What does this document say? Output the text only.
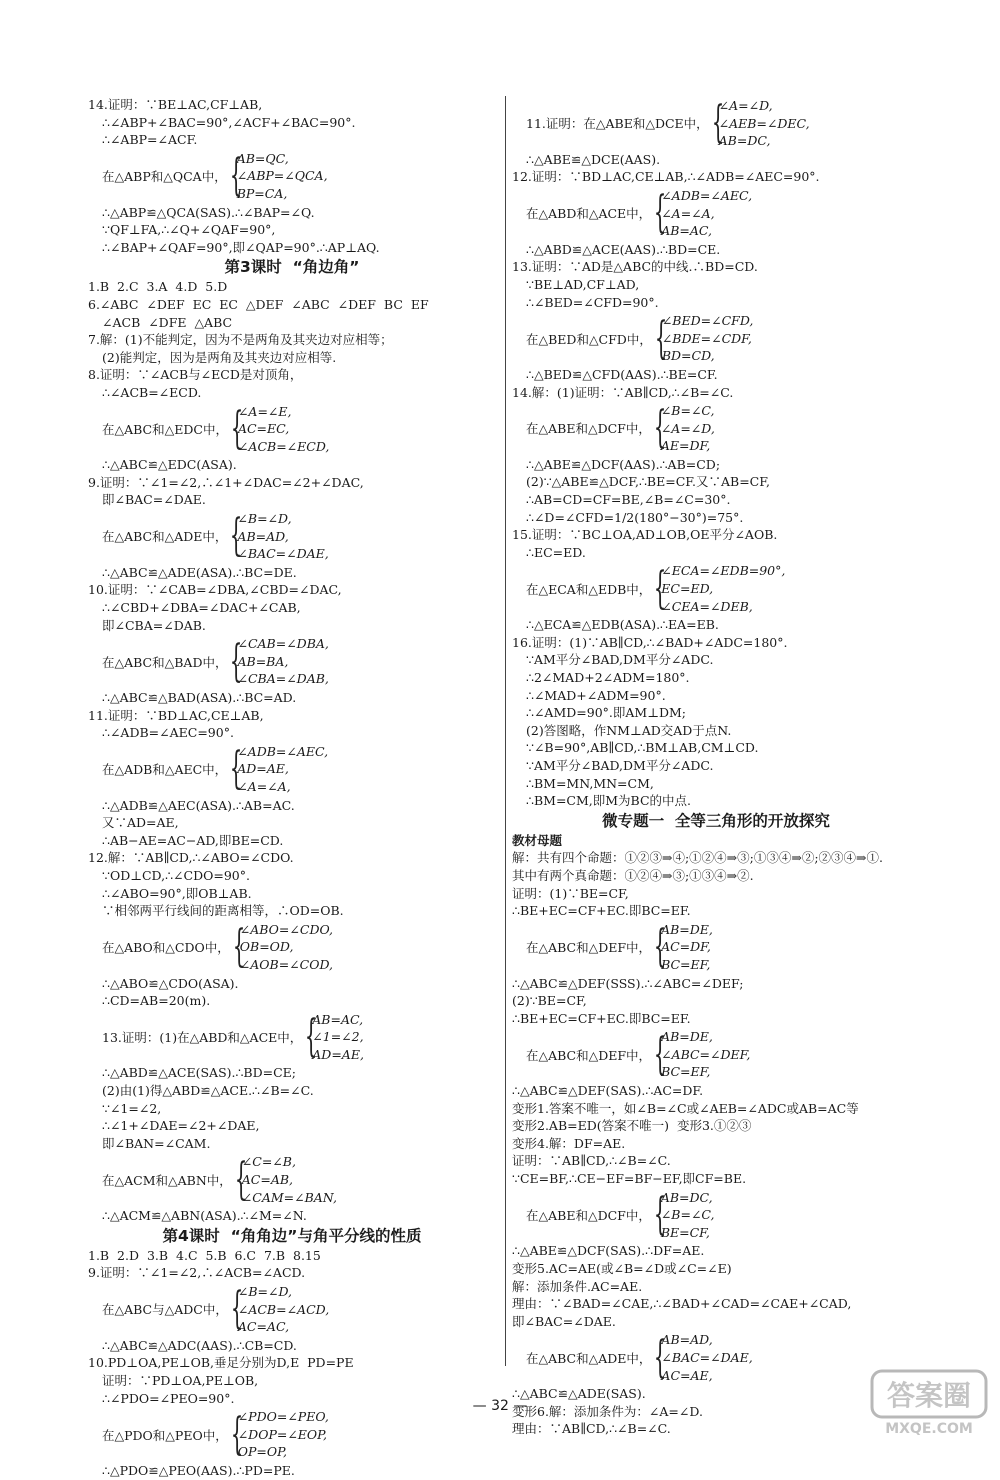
14.证明：∵BE⊥AC,CF⊥AB,
∴∠ABP+∠BAC=90°,∠ACF+∠BAC=90°.
∴∠ABP=∠ACF.
在△ABP和△QCA中， {
AB=QC,
∠ABP=∠QCA,
BP=CA,
∴△ABP≌△QCA(SAS).∴∠BAP=∠Q.
∵QF⊥FA,∴∠Q+∠QAF=90°,
∴∠BAP+∠QAF=90°,即∠QAP=90°.∴AP⊥AQ.
第3课时  “角边角”
1.B  2.C  3.A  4.D  5.D
6.∠ABC  ∠DEF  EC  EC  △DEF  ∠ABC  ∠DEF  BC  EF
∠ACB  ∠DFE  △ABC
7.解：(1)不能判定，因为不是两角及其夹边对应相等；
(2)能判定，因为是两角及其夹边对应相等.
8.证明：∵∠ACB与∠ECD是对顶角，
∴∠ACB=∠ECD.
在△ABC和△EDC中， {
∠A=∠E,
AC=EC,
∠ACB=∠ECD,
∴△ABC≌△EDC(ASA).
9.证明：∵∠1=∠2,∴∠1+∠DAC=∠2+∠DAC,
即∠BAC=∠DAE.
在△ABC和△ADE中， {
∠B=∠D,
AB=AD,
∠BAC=∠DAE,
∴△ABC≌△ADE(ASA).∴BC=DE.
10.证明：∵∠CAB=∠DBA,∠CBD=∠DAC,
∴∠CBD+∠DBA=∠DAC+∠CAB,
即∠CBA=∠DAB.
在△ABC和△BAD中， {
∠CAB=∠DBA,
AB=BA,
∠CBA=∠DAB,
∴△ABC≌△BAD(ASA).∴BC=AD.
11.证明：∵BD⊥AC,CE⊥AB,
∴∠ADB=∠AEC=90°.
在△ADB和△AEC中， {
∠ADB=∠AEC,
AD=AE,
∠A=∠A,
∴△ADB≌△AEC(ASA).∴AB=AC.
又∵AD=AE,
∴AB−AE=AC−AD,即BE=CD.
12.解：∵AB∥CD,∴∠ABO=∠CDO.
∵OD⊥CD,∴∠CDO=90°.
∴∠ABO=90°,即OB⊥AB.
∵相邻两平行线间的距离相等，∴OD=OB.
在△ABO和△CDO中， {
∠ABO=∠CDO,
OB=OD,
∠AOB=∠COD,
∴△ABO≌△CDO(ASA).
∴CD=AB=20(m).
13.证明：(1)在△ABD和△ACE中， {
AB=AC,
∠1=∠2,
AD=AE,
∴△ABD≌△ACE(SAS).∴BD=CE;
(2)由(1)得△ABD≌△ACE.∴∠B=∠C.
∵∠1=∠2,
∴∠1+∠DAE=∠2+∠DAE,
即∠BAN=∠CAM.
在△ACM和△ABN中， {
∠C=∠B,
AC=AB,
∠CAM=∠BAN,
∴△ACM≌△ABN(ASA).∴∠M=∠N.
第4课时  “角角边”与角平分线的性质
1.B  2.D  3.B  4.C  5.B  6.C  7.B  8.15
9.证明：∵∠1=∠2,∴∠ACB=∠ACD.
在△ABC与△ADC中， {
∠B=∠D,
∠ACB=∠ACD,
AC=AC,
∴△ABC≌△ADC(AAS).∴CB=CD.
10.PD⊥OA,PE⊥OB,垂足分别为D,E  PD=PE
证明：∵PD⊥OA,PE⊥OB,
∴∠PDO=∠PEO=90°.
在△PDO和△PEO中， {
∠PDO=∠PEO,
∠DOP=∠EOP,
OP=OP,
∴△PDO≌△PEO(AAS).∴PD=PE.
11.证明：在△ABE和△DCE中， {
∠A=∠D,
∠AEB=∠DEC,
AB=DC,
∴△ABE≌△DCE(AAS).
12.证明：∵BD⊥AC,CE⊥AB,∴∠ADB=∠AEC=90°.
在△ABD和△ACE中， {
∠ADB=∠AEC,
∠A=∠A,
AB=AC,
∴△ABD≌△ACE(AAS).∴BD=CE.
13.证明：∵AD是△ABC的中线.∴BD=CD.
∵BE⊥AD,CF⊥AD,
∴∠BED=∠CFD=90°.
在△BED和△CFD中， {
∠BED=∠CFD,
∠BDE=∠CDF,
BD=CD,
∴△BED≌△CFD(AAS).∴BE=CF.
14.解：(1)证明：∵AB∥CD,∴∠B=∠C.
在△ABE和△DCF中， {
∠B=∠C,
∠A=∠D,
AE=DF,
∴△ABE≌△DCF(AAS).∴AB=CD;
(2)∵△ABE≌△DCF,∴BE=CF.又∵AB=CF,
∴AB=CD=CF=BE,∠B=∠C=30°.
∴∠D=∠CFD=1/2(180°−30°)=75°.
15.证明：∵BC⊥OA,AD⊥OB,OE平分∠AOB.
∴EC=ED.
在△ECA和△EDB中， {
∠ECA=∠EDB=90°,
EC=ED,
∠CEA=∠DEB,
∴△ECA≌△EDB(ASA).∴EA=EB.
16.证明：(1)∵AB∥CD,∴∠BAD+∠ADC=180°.
∵AM平分∠BAD,DM平分∠ADC.
∴2∠MAD+2∠ADM=180°.
∴∠MAD+∠ADM=90°.
∴∠AMD=90°.即AM⊥DM;
(2)答图略，作NM⊥AD交AD于点N.
∵∠B=90°,AB∥CD,∴BM⊥AB,CM⊥CD.
∵AM平分∠BAD,DM平分∠ADC.
∴BM=MN,MN=CM,
∴BM=CM,即M为BC的中点.
微专题一  全等三角形的开放探究
教材母题
解：共有四个命题：①②③⇒④;①②④⇒③;①③④⇒②;②③④⇒①.
其中有两个真命题：①②④⇒③;①③④⇒②.
证明：(1)∵BE=CF,
∴BE+EC=CF+EC.即BC=EF.
在△ABC和△DEF中， {
AB=DE,
AC=DF,
BC=EF,
∴△ABC≌△DEF(SSS).∴∠ABC=∠DEF;
(2)∵BE=CF,
∴BE+EC=CF+EC.即BC=EF.
在△ABC和△DEF中， {
AB=DE,
∠ABC=∠DEF,
BC=EF,
∴△ABC≌△DEF(SAS).∴AC=DF.
变形1.答案不唯一，如∠B=∠C或∠AEB=∠ADC或AB=AC等
变形2.AB=ED(答案不唯一)  变形3.①②③
变形4.解：DF=AE.
证明：∵AB∥CD,∴∠B=∠C.
∵CE=BF,∴CE−EF=BF−EF,即CF=BE.
在△ABE和△DCF中， {
AB=DC,
∠B=∠C,
BE=CF,
∴△ABE≌△DCF(SAS).∴DF=AE.
变形5.AC=AE(或∠B=∠D或∠C=∠E)
解：添加条件.AC=AE.
理由：∵∠BAD=∠CAE,∴∠BAD+∠CAD=∠CAE+∠CAD,
即∠BAC=∠DAE.
在△ABC和△ADE中， {
AB=AD,
∠BAC=∠DAE,
AC=AE,
∴△ABC≌△ADE(SAS).
变形6.解：添加条件为：∠A=∠D.
理由：∵AB∥CD,∴∠B=∠C.
— 32 —	答案圈
MXQE.COM
